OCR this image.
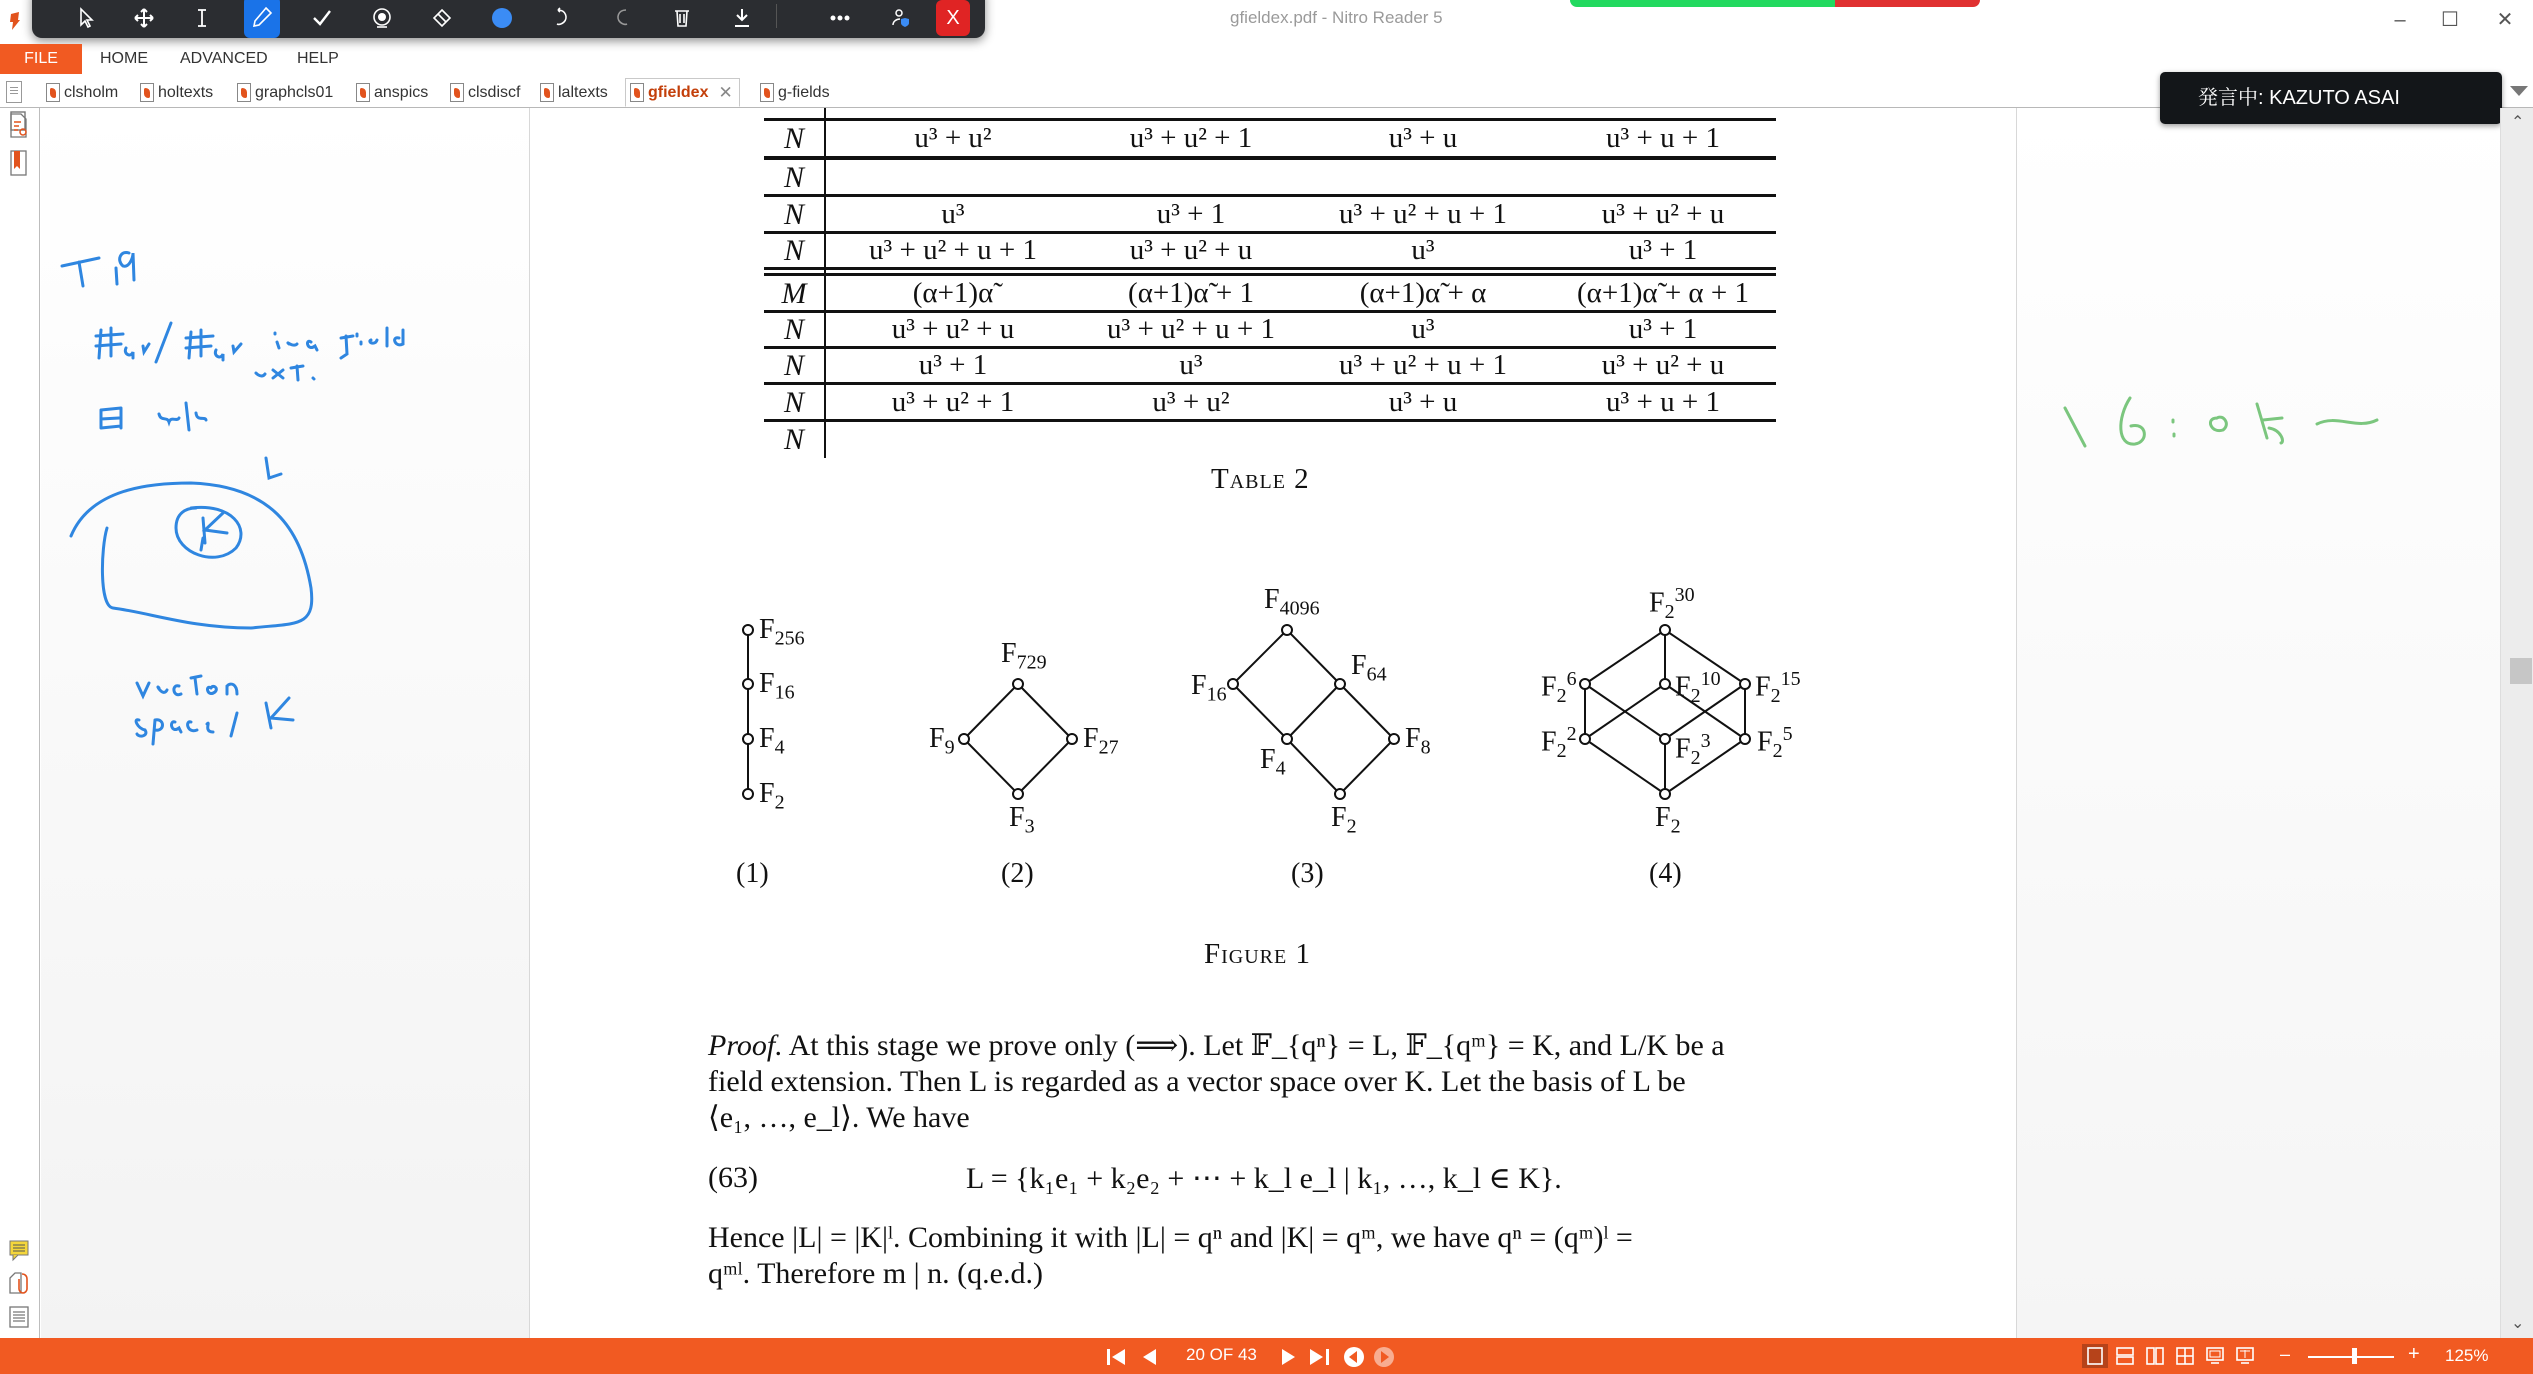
gfieldex.pdf - Nitro Reader 5	–	☐	✕
X
FILE	HOME ADVANCED HELP
clsholm holtexts	graphcls01	anspics clsdiscf laltexts	gfieldex ✕	g-fields
N	u³ + u²	u³ + u² + 1	u³ + u	u³ + u + 1
N
N	u³	u³ + 1	u³ + u² + u + 1	u³ + u² + u
N	u³ + u² + u + 1	u³ + u² + u	u³	u³ + 1
M	(α+1)α̃	(α+1)α̃ + 1	(α+1)α̃ + α	(α+1)α̃ + α + 1
N	u³ + u² + u	u³ + u² + u + 1	u³	u³ + 1
N	u³ + 1	u³	u³ + u² + u + 1	u³ + u² + u
N	u³ + u² + 1	u³ + u²	u³ + u	u³ + u + 1
N
Table 2
$F_{256}$
$F_{16}$
$F_4$
$F_2$
$F_{729}$
$F_9$	$F_{27}$
$F_3$
$F_{4096}$
$F_{16}$
$F_{64}$
$F_4$
$F_8$
$F_2$
$F_2^{30}$
$F_2^6$	$F_2^{10}$ $F_2^{15}$
$F_2^2$	$F_2^3$ $F_2^5$
$F_2$
(1)	(2)	(3)	(4)
Figure 1
Proof. At this stage we prove only (⟹). Let 𝔽_{qⁿ} = L, 𝔽_{qᵐ} = K, and L/K be a
field extension. Then L is regarded as a vector space over K. Let the basis of L be
⟨e₁, …, e_l⟩. We have
(63)	L = {k₁e₁ + k₂e₂ + ⋯ + k_l e_l | k₁, …, k_l ∈ K}.
Hence |L| = |K|ˡ. Combining it with |L| = qⁿ and |K| = qᵐ, we have qⁿ = (qᵐ)ˡ =
qᵐˡ. Therefore m | n. (q.e.d.)
発言中: KAZUTO ASAI
⌃
⌄
20 OF 43	–	+ 125%
